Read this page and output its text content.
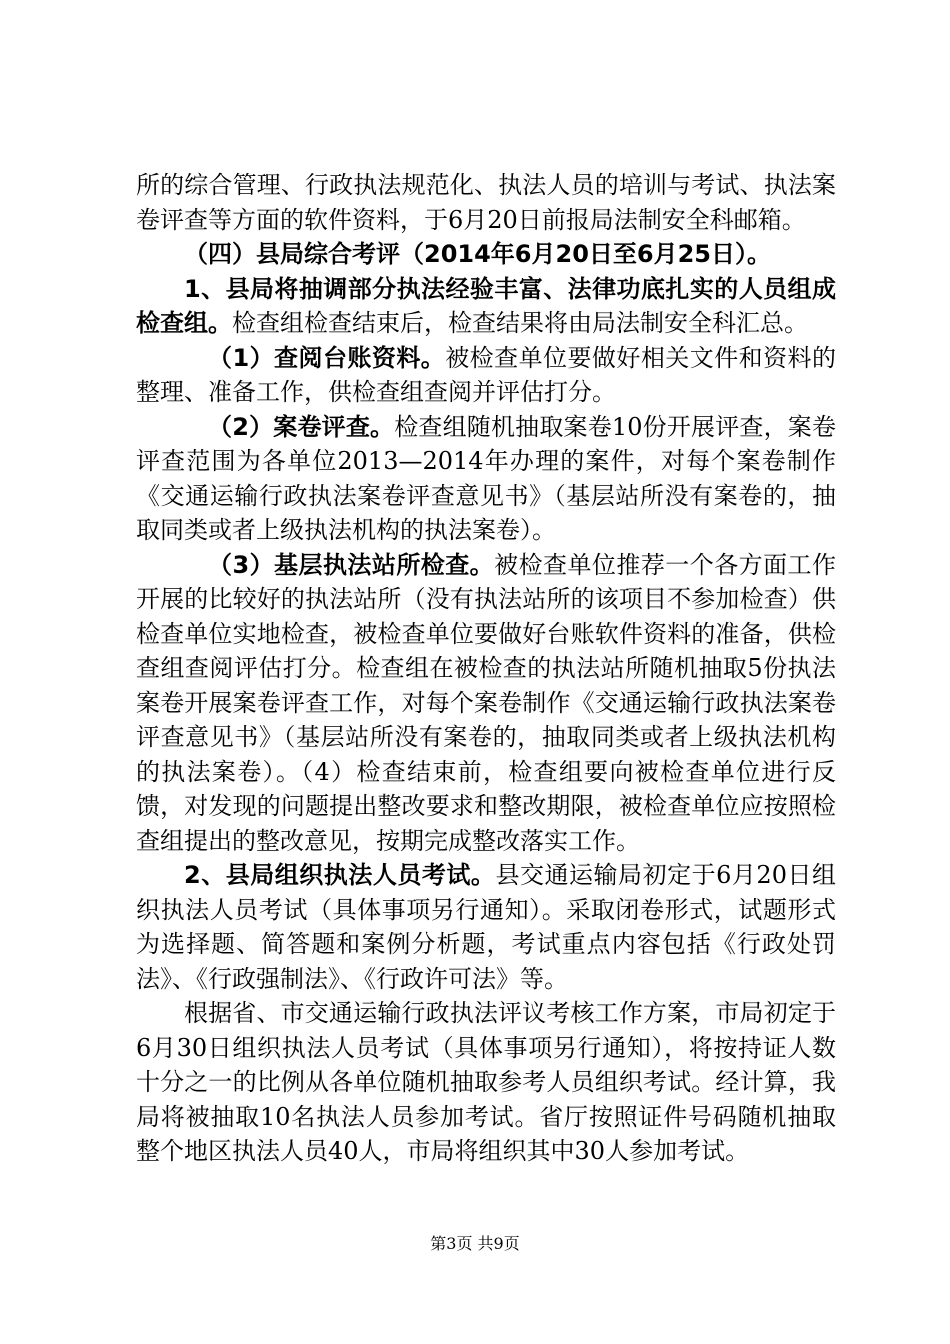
所的综合管理、行政执法规范化、执法人员的培训与考试、执法案卷评查等方面的软件资料，于6月20日前报局法制安全科邮箱。

（四）县局综合考评（2014年6月20日至6月25日）。

1、县局将抽调部分执法经验丰富、法律功底扎实的人员组成检查组。检查组检查结束后，检查结果将由局法制安全科汇总。

（1）查阅台账资料。被检查单位要做好相关文件和资料的整理、准备工作，供检查组查阅并评估打分。

（2）案卷评查。检查组随机抽取案卷10份开展评查，案卷评查范围为各单位2013—2014年办理的案件，对每个案卷制作《交通运输行政执法案卷评查意见书》（基层站所没有案卷的，抽取同类或者上级执法机构的执法案卷）。

（3）基层执法站所检查。被检查单位推荐一个各方面工作开展的比较好的执法站所（没有执法站所的该项目不参加检查）供检查单位实地检查，被检查单位要做好台账软件资料的准备，供检查组查阅评估打分。检查组在被检查的执法站所随机抽取5份执法案卷开展案卷评查工作，对每个案卷制作《交通运输行政执法案卷评查意见书》（基层站所没有案卷的，抽取同类或者上级执法机构的执法案卷）。（4）检查结束前，检查组要向被检查单位进行反馈，对发现的问题提出整改要求和整改期限，被检查单位应按照检查组提出的整改意见，按期完成整改落实工作。

2、县局组织执法人员考试。县交通运输局初定于6月20日组织执法人员考试（具体事项另行通知）。采取闭卷形式，试题形式为选择题、简答题和案例分析题，考试重点内容包括《行政处罚法》、《行政强制法》、《行政许可法》等。

根据省、市交通运输行政执法评议考核工作方案，市局初定于6月30日组织执法人员考试（具体事项另行通知），将按持证人数十分之一的比例从各单位随机抽取参考人员组织考试。经计算，我局将被抽取10名执法人员参加考试。省厅按照证件号码随机抽取整个地区执法人员40人，市局将组织其中30人参加考试。

第3页 共9页
